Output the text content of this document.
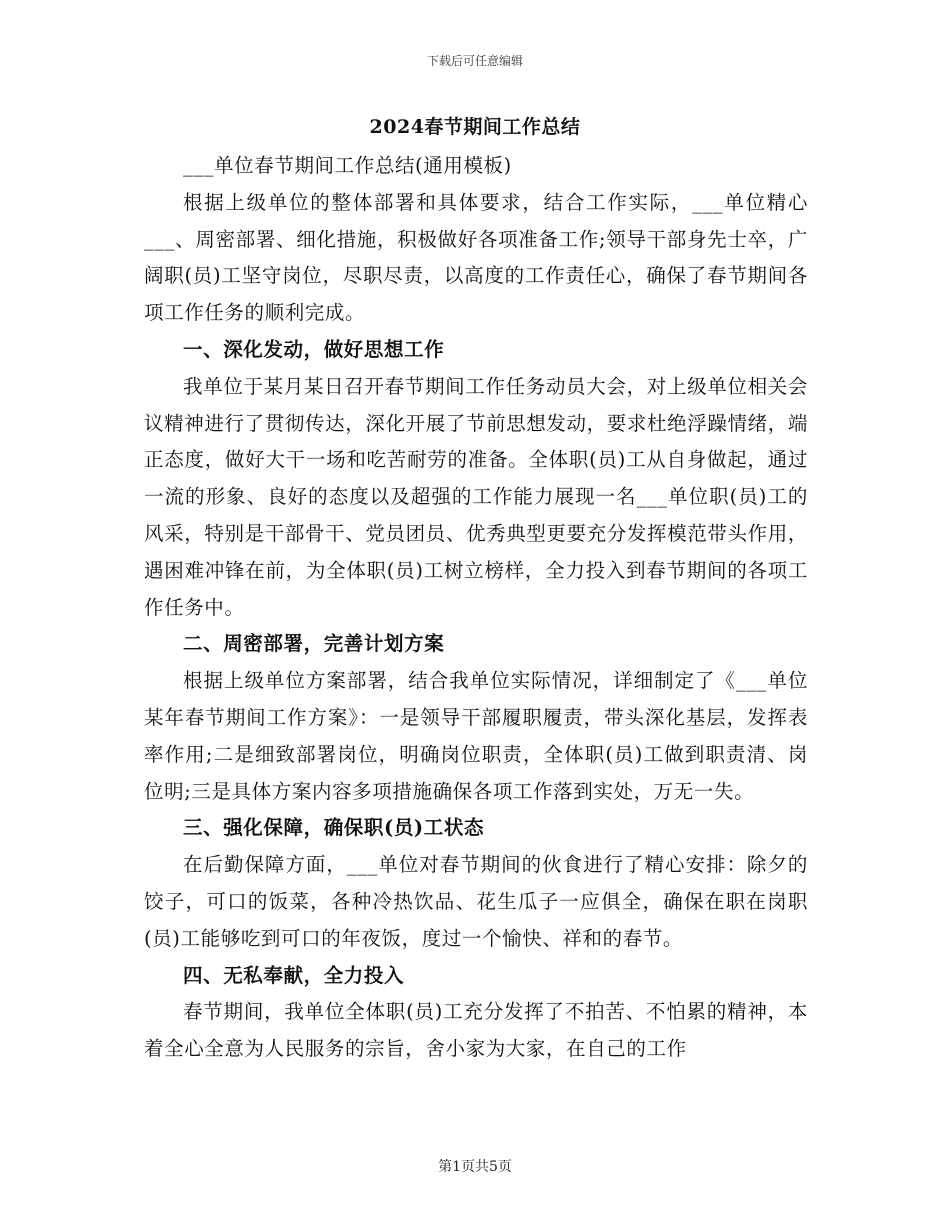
下载后可任意编辑
2024春节期间工作总结

___单位春节期间工作总结(通用模板)

根据上级单位的整体部署和具体要求，结合工作实际，___单位精心___、周密部署、细化措施，积极做好各项准备工作;领导干部身先士卒，广阔职(员)工坚守岗位，尽职尽责，以高度的工作责任心，确保了春节期间各项工作任务的顺利完成。

一、深化发动，做好思想工作

我单位于某月某日召开春节期间工作任务动员大会，对上级单位相关会议精神进行了贯彻传达，深化开展了节前思想发动，要求杜绝浮躁情绪，端正态度，做好大干一场和吃苦耐劳的准备。全体职(员)工从自身做起，通过一流的形象、良好的态度以及超强的工作能力展现一名___单位职(员)工的风采，特别是干部骨干、党员团员、优秀典型更要充分发挥模范带头作用，遇困难冲锋在前，为全体职(员)工树立榜样，全力投入到春节期间的各项工作任务中。

二、周密部署，完善计划方案

根据上级单位方案部署，结合我单位实际情况，详细制定了《___单位某年春节期间工作方案》：一是领导干部履职履责，带头深化基层，发挥表率作用;二是细致部署岗位，明确岗位职责，全体职(员)工做到职责清、岗位明;三是具体方案内容多项措施确保各项工作落到实处，万无一失。

三、强化保障，确保职(员)工状态

在后勤保障方面，___单位对春节期间的伙食进行了精心安排：除夕的饺子，可口的饭菜，各种冷热饮品、花生瓜子一应俱全，确保在职在岗职(员)工能够吃到可口的年夜饭，度过一个愉快、祥和的春节。

四、无私奉献，全力投入

春节期间，我单位全体职(员)工充分发挥了不拍苦、不怕累的精神，本着全心全意为人民服务的宗旨，舍小家为大家，在自己的工作

第1页共5页
